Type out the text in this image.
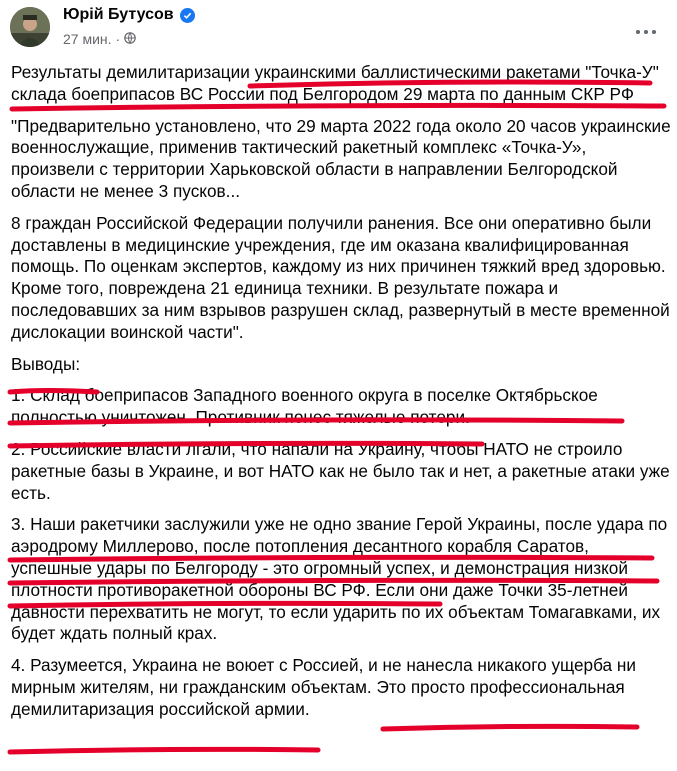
Юрій Бутусов
27 мин. ·

Результаты демилитаризации украинскими баллистическими ракетами "Точка-У" склада боеприпасов ВС России под Белгородом 29 марта по данным СКР РФ

"Предварительно установлено, что 29 марта 2022 года около 20 часов украинские военнослужащие, применив тактический ракетный комплекс «Точка-У», произвели с территории Харьковской области в направлении Белгородской области не менее 3 пусков...

8 граждан Российской Федерации получили ранения. Все они оперативно были доставлены в медицинские учреждения, где им оказана квалифицированная помощь. По оценкам экспертов, каждому из них причинен тяжкий вред здоровью. Кроме того, повреждена 21 единица техники. В результате пожара и последовавших за ним взрывов разрушен склад, развернутый в месте временной дислокации воинской части".

Выводы:

1. Склад боеприпасов Западного военного округа в поселке Октябрьское полностью уничтожен. Противник понес тяжелые потери.

2. Российские власти лгали, что напали на Украину, чтобы НАТО не строило ракетные базы в Украине, и вот НАТО как не было так и нет, а ракетные атаки уже есть.

3. Наши ракетчики заслужили уже не одно звание Герой Украины, после удара по аэродрому Миллерово, после потопления десантного корабля Саратов, успешные удары по Белгороду - это огромный успех, и демонстрация низкой плотности противоракетной обороны ВС РФ. Если они даже Точки 35-летней давности перехватить не могут, то если ударить по их объектам Томагавками, их будет ждать полный крах.

4. Разумеется, Украина не воюет с Россией, и не нанесла никакого ущерба ни мирным жителям, ни гражданским объектам. Это просто профессиональная демилитаризация российской армии.
